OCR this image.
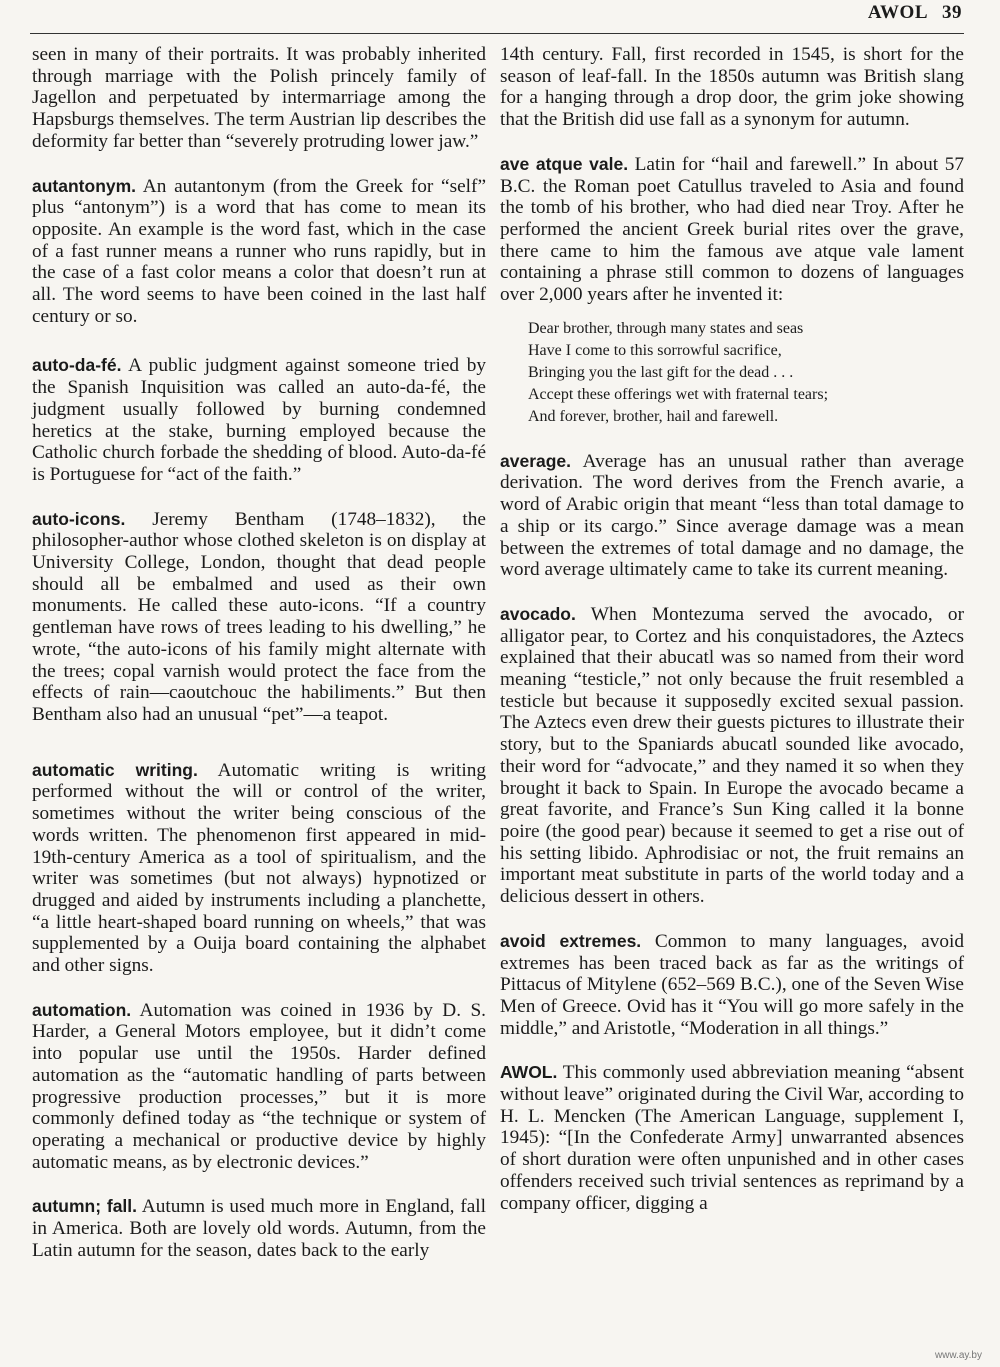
AWOL 39

seen in many of their portraits. It was probably inherited through marriage with the Polish princely family of Jagellon and perpetuated by intermarriage among the Hapsburgs themselves. The term Austrian lip describes the deformity far better than “severely protruding lower jaw.”

autantonym. An autantonym (from the Greek for “self” plus “antonym”) is a word that has come to mean its opposite. An example is the word fast, which in the case of a fast runner means a runner who runs rapidly, but in the case of a fast color means a color that doesn’t run at all. The word seems to have been coined in the last half century or so.

auto-da-fé. A public judgment against someone tried by the Spanish Inquisition was called an auto-da-fé, the judgment usually followed by burning condemned heretics at the stake, burning employed because the Catholic church forbade the shedding of blood. Auto-da-fé is Portuguese for “act of the faith.”

auto-icons. Jeremy Bentham (1748–1832), the philosopher-author whose clothed skeleton is on display at University College, London, thought that dead people should all be embalmed and used as their own monuments. He called these auto-icons. “If a country gentleman have rows of trees leading to his dwelling,” he wrote, “the auto-icons of his family might alternate with the trees; copal varnish would protect the face from the effects of rain—caoutchouc the habiliments.” But then Bentham also had an unusual “pet”—a teapot.

automatic writing. Automatic writing is writing performed without the will or control of the writer, sometimes without the writer being conscious of the words written. The phenomenon first appeared in mid-19th-century America as a tool of spiritualism, and the writer was sometimes (but not always) hypnotized or drugged and aided by instruments including a planchette, “a little heart-shaped board running on wheels,” that was supplemented by a Ouija board containing the alphabet and other signs.

automation. Automation was coined in 1936 by D. S. Harder, a General Motors employee, but it didn’t come into popular use until the 1950s. Harder defined automation as the “automatic handling of parts between progressive production processes,” but it is more commonly defined today as “the technique or system of operating a mechanical or productive device by highly automatic means, as by electronic devices.”

autumn; fall. Autumn is used much more in England, fall in America. Both are lovely old words. Autumn, from the Latin autumn for the season, dates back to the early

14th century. Fall, first recorded in 1545, is short for the season of leaf-fall. In the 1850s autumn was British slang for a hanging through a drop door, the grim joke showing that the British did use fall as a synonym for autumn.

ave atque vale. Latin for “hail and farewell.” In about 57 B.C. the Roman poet Catullus traveled to Asia and found the tomb of his brother, who had died near Troy. After he performed the ancient Greek burial rites over the grave, there came to him the famous ave atque vale lament containing a phrase still common to dozens of languages over 2,000 years after he invented it:
Dear brother, through many states and seas
Have I come to this sorrowful sacrifice,
Bringing you the last gift for the dead . . .
Accept these offerings wet with fraternal tears;
And forever, brother, hail and farewell.

average. Average has an unusual rather than average derivation. The word derives from the French avarie, a word of Arabic origin that meant “less than total damage to a ship or its cargo.” Since average damage was a mean between the extremes of total damage and no damage, the word average ultimately came to take its current meaning.

avocado. When Montezuma served the avocado, or alligator pear, to Cortez and his conquistadores, the Aztecs explained that their abucatl was so named from their word meaning “testicle,” not only because the fruit resembled a testicle but because it supposedly excited sexual passion. The Aztecs even drew their guests pictures to illustrate their story, but to the Spaniards abucatl sounded like avocado, their word for “advocate,” and they named it so when they brought it back to Spain. In Europe the avocado became a great favorite, and France’s Sun King called it la bonne poire (the good pear) because it seemed to get a rise out of his setting libido. Aphrodisiac or not, the fruit remains an important meat substitute in parts of the world today and a delicious dessert in others.

avoid extremes. Common to many languages, avoid extremes has been traced back as far as the writings of Pittacus of Mitylene (652–569 B.C.), one of the Seven Wise Men of Greece. Ovid has it “You will go more safely in the middle,” and Aristotle, “Moderation in all things.”

AWOL. This commonly used abbreviation meaning “absent without leave” originated during the Civil War, according to H. L. Mencken (The American Language, supplement I, 1945): “[In the Confederate Army] unwarranted absences of short duration were often unpunished and in other cases offenders received such trivial sentences as reprimand by a company officer, digging a

www.ay.by
